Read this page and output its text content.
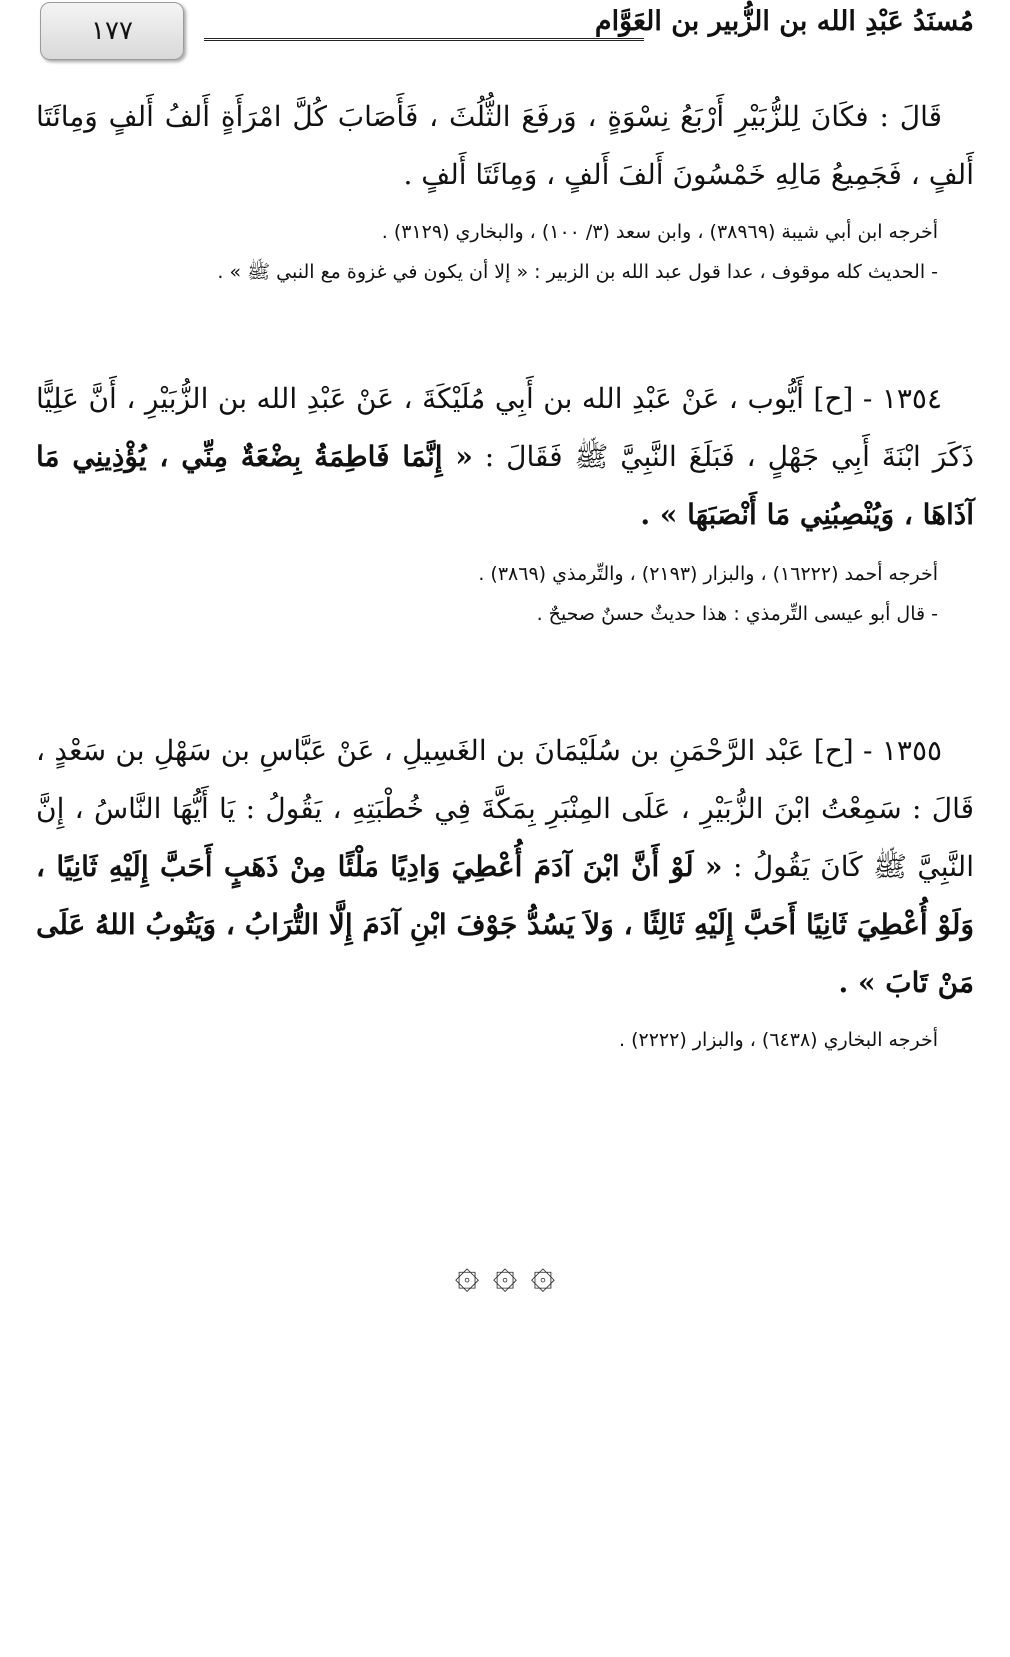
١٧٧	مُسنَدُ عَبْدِ الله بن الزُّبير بن العَوَّام
قَالَ : فكَانَ لِلزُّبَيْرِ أَرْبَعُ نِسْوَةٍ ، وَرفَعَ الثُّلُثَ ، فَأَصَابَ كُلَّ امْرَأَةٍ أَلفُ أَلفٍ وَمِائَتَا أَلفٍ ، فَجَمِيعُ مَالِهِ خَمْسُونَ أَلفَ أَلفٍ ، وَمِائَتَا أَلفٍ .
أخرجه ابن أبي شيبة (٣٨٩٦٩) ، وابن سعد (٣/ ١٠٠) ، والبخاري (٣١٢٩) .
- الحديث كله موقوف ، عدا قول عبد الله بن الزبير : « إلا أن يكون في غزوة مع النبي ﷺ » .
١٣٥٤ - [ح] أَيُّوب ، عَنْ عَبْدِ الله بن أَبِي مُلَيْكَةَ ، عَنْ عَبْدِ الله بن الزُّبَيْرِ ، أَنَّ عَلِيًّا ذَكَرَ ابْنَةَ أَبِي جَهْلٍ ، فَبَلَغَ النَّبِيَّ ﷺ فَقَالَ : « إِنَّمَا فَاطِمَةُ بِضْعَةٌ مِنِّي ، يُؤْذِينِي مَا آذَاهَا ، وَيُنْصِبُنِي مَا أَنْصَبَهَا » .
أخرجه أحمد (١٦٢٢٢) ، والبزار (٢١٩٣) ، والتِّرمذي (٣٨٦٩) .
- قال أبو عيسى التِّرمذي : هذا حديثٌ حسنٌ صحيحٌ .
١٣٥٥ - [ح] عَبْد الرَّحْمَنِ بن سُلَيْمَانَ بن الغَسِيلِ ، عَنْ عَبَّاسِ بن سَهْلِ بن سَعْدٍ ، قَالَ : سَمِعْتُ ابْنَ الزُّبَيْرِ ، عَلَى المِنْبَرِ بِمَكَّةَ فِي خُطْبَتِهِ ، يَقُولُ : يَا أَيُّهَا النَّاسُ ، إِنَّ النَّبِيَّ ﷺ كَانَ يَقُولُ : « لَوْ أَنَّ ابْنَ آدَمَ أُعْطِيَ وَادِيًا مَلْئًا مِنْ ذَهَبٍ أَحَبَّ إِلَيْهِ ثَانِيًا ، وَلَوْ أُعْطِيَ ثَانِيًا أَحَبَّ إِلَيْهِ ثَالِثًا ، وَلاَ يَسُدُّ جَوْفَ ابْنِ آدَمَ إِلَّا التُّرَابُ ، وَيَتُوبُ اللهُ عَلَى مَنْ تَابَ » .
أخرجه البخاري (٦٤٣٨) ، والبزار (٢٢٢٢) .
۞ ۞ ۞
